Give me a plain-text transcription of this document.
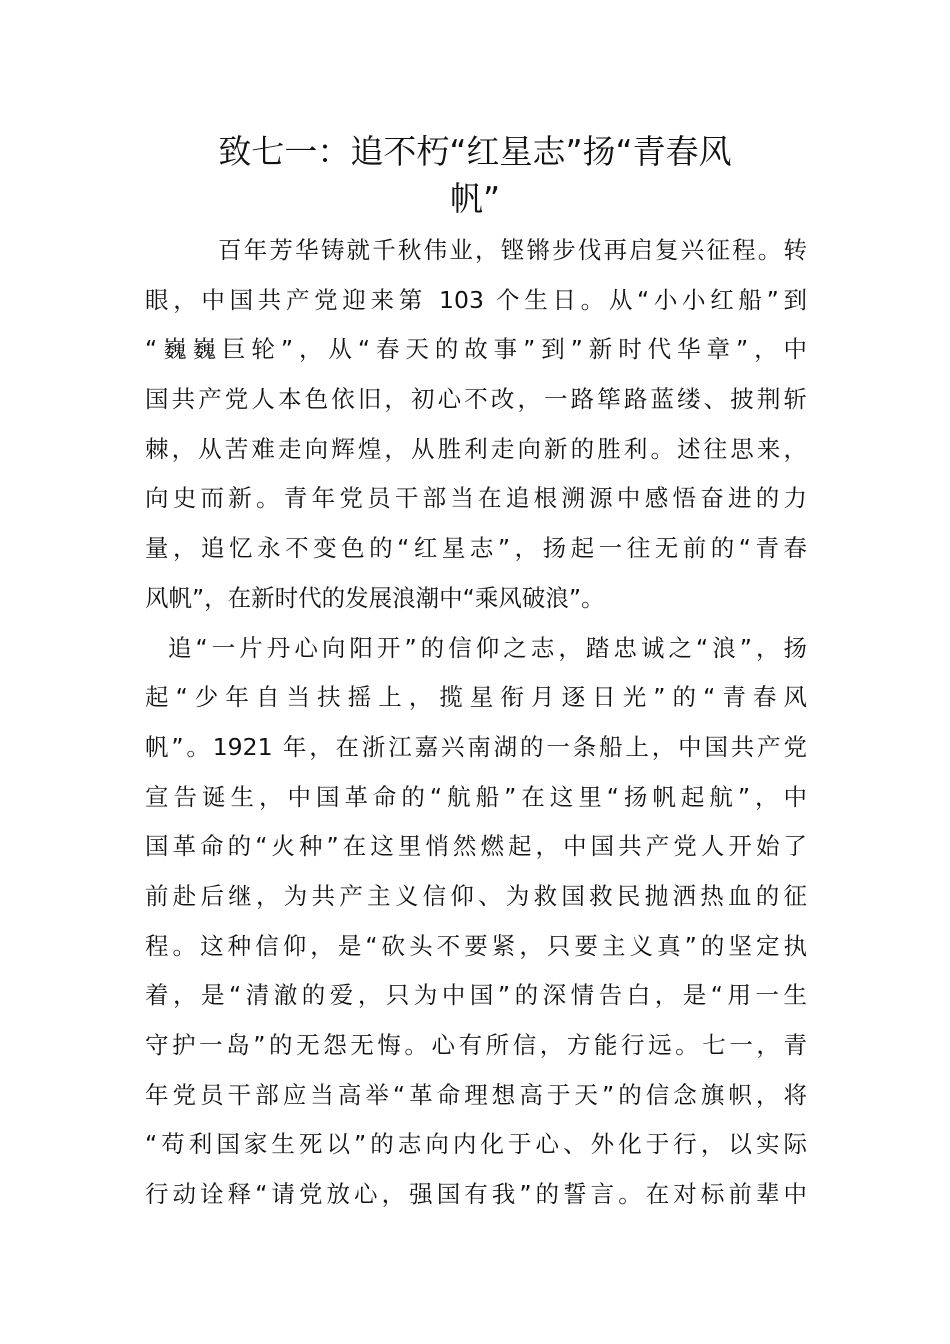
致七一：追不朽“红星志”扬“青春风
帆”
百年芳华铸就千秋伟业，铿锵步伐再启复兴征程。转
眼，中国共产党迎来第 103 个生日。从“小小红船”到
“巍巍巨轮”，从“春天的故事”到”新时代华章”，中
国共产党人本色依旧，初心不改，一路筚路蓝缕、披荆斩
棘，从苦难走向辉煌，从胜利走向新的胜利。述往思来，
向史而新。青年党员干部当在追根溯源中感悟奋进的力
量，追忆永不变色的“红星志”，扬起一往无前的“青春
风帆”，在新时代的发展浪潮中“乘风破浪”。
追“一片丹心向阳开”的信仰之志，踏忠诚之“浪”，扬
起“少年自当扶摇上，揽星衔月逐日光”的“青春风
帆”。1921 年，在浙江嘉兴南湖的一条船上，中国共产党
宣告诞生，中国革命的“航船”在这里“扬帆起航”，中
国革命的“火种”在这里悄然燃起，中国共产党人开始了
前赴后继，为共产主义信仰、为救国救民抛洒热血的征
程。这种信仰，是“砍头不要紧，只要主义真”的坚定执
着，是“清澈的爱，只为中国”的深情告白，是“用一生
守护一岛”的无怨无悔。心有所信，方能行远。七一，青
年党员干部应当高举“革命理想高于天”的信念旗帜，将
“苟利国家生死以”的志向内化于心、外化于行，以实际
行动诠释“请党放心，强国有我”的誓言。在对标前辈中
